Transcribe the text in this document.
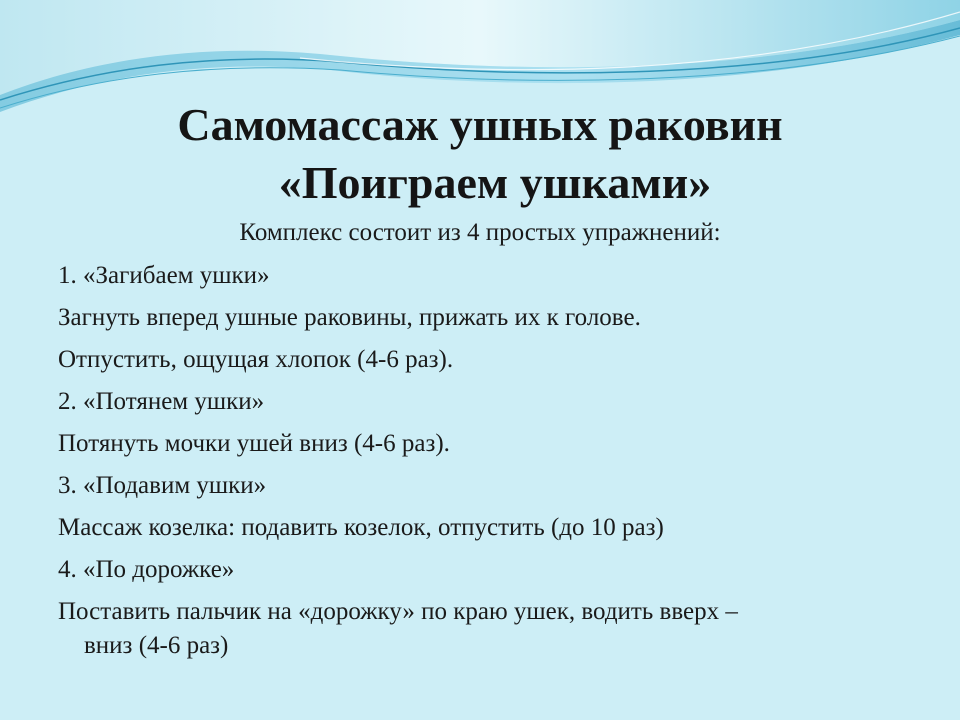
Самомассаж ушных раковин
«Поиграем ушками»

Комплекс состоит из 4 простых упражнений:

1. «Загибаем ушки»

Загнуть вперед ушные раковины, прижать их к голове.

Отпустить, ощущая хлопок (4-6 раз).

2. «Потянем ушки»

Потянуть мочки ушей вниз (4-6 раз).

3. «Подавим ушки»

Массаж козелка: подавить козелок, отпустить (до 10 раз)

4. «По дорожке»

Поставить пальчик на «дорожку» по краю ушек, водить вверх –

вниз (4-6 раз)
